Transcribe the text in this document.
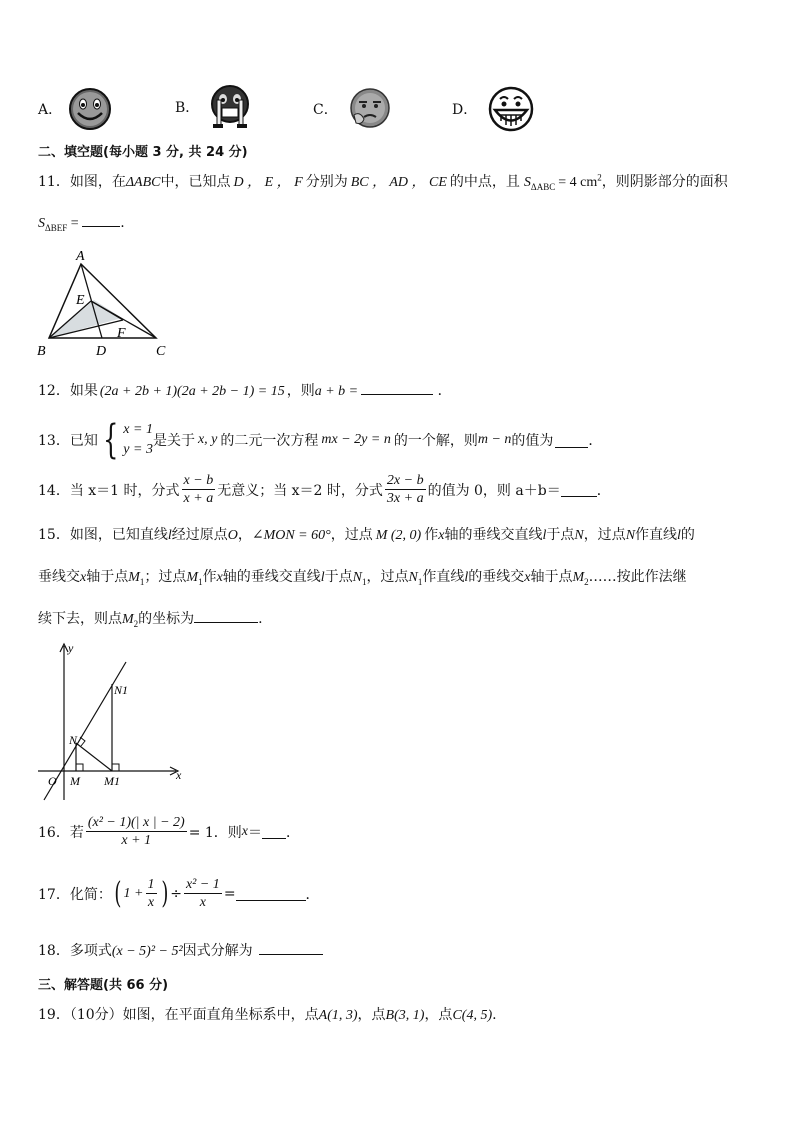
A．	B．	C．	D．
二、填空题(每小题 3 分, 共 24 分)
11．如图，在ΔABC中，已知点 D ， E ， F 分别为 BC ， AD ， CE 的中点，且 $S_{\Delta ABC} = 4$ $cm^2$，则阴影部分的面积
$S_{\Delta BEF}$ =	.
A
B	C
D
E
F
12．如果 (2a + 2b + 1)(2a + 2b − 1) = 15 ，则a + b =	．
13． 已知 { x = 1
y = 3
是关于 x, y 的二元一次方程 mx − 2y = n 的一个解，则 m − n 的值为	．
14． 当 x＝1 时，分式 $\frac{x - b}{x + a}$ 无意义；当 x＝2 时，分式 $\frac{2x - b}{3x + a}$ 的值为 0，则 a＋b＝	．
15．如图，已知直线l经过原点O，∠MON = 60°，过点 M (2, 0) 作x轴的垂线交直线l于点N，过点N作直线l的
垂线交x轴于点$M_1$；过点$M_1$作x轴的垂线交直线l于点$N_1$，过点$N_1$作直线l的垂线交x轴于点$M_2\dots\dots$按此作法继
续下去，则点$M_2$的坐标为	.
y
x
O M M1
N
N1
16． 若 $\frac{\text{(x² − 1)(| x | − 2)}}{x + 1} = 1$．则 x ＝ ．
17． 化简： ( $1 + \frac{1}{x}$ ) ÷ $\frac{\text{x² − 1}}{x}$ =	．
18．多项式(x − 5)² − 5²因式分解为
三、解答题(共 66 分)
19．（10分）如图，在平面直角坐标系中，点A(1, 3)，点B(3, 1)，点C(4, 5).
